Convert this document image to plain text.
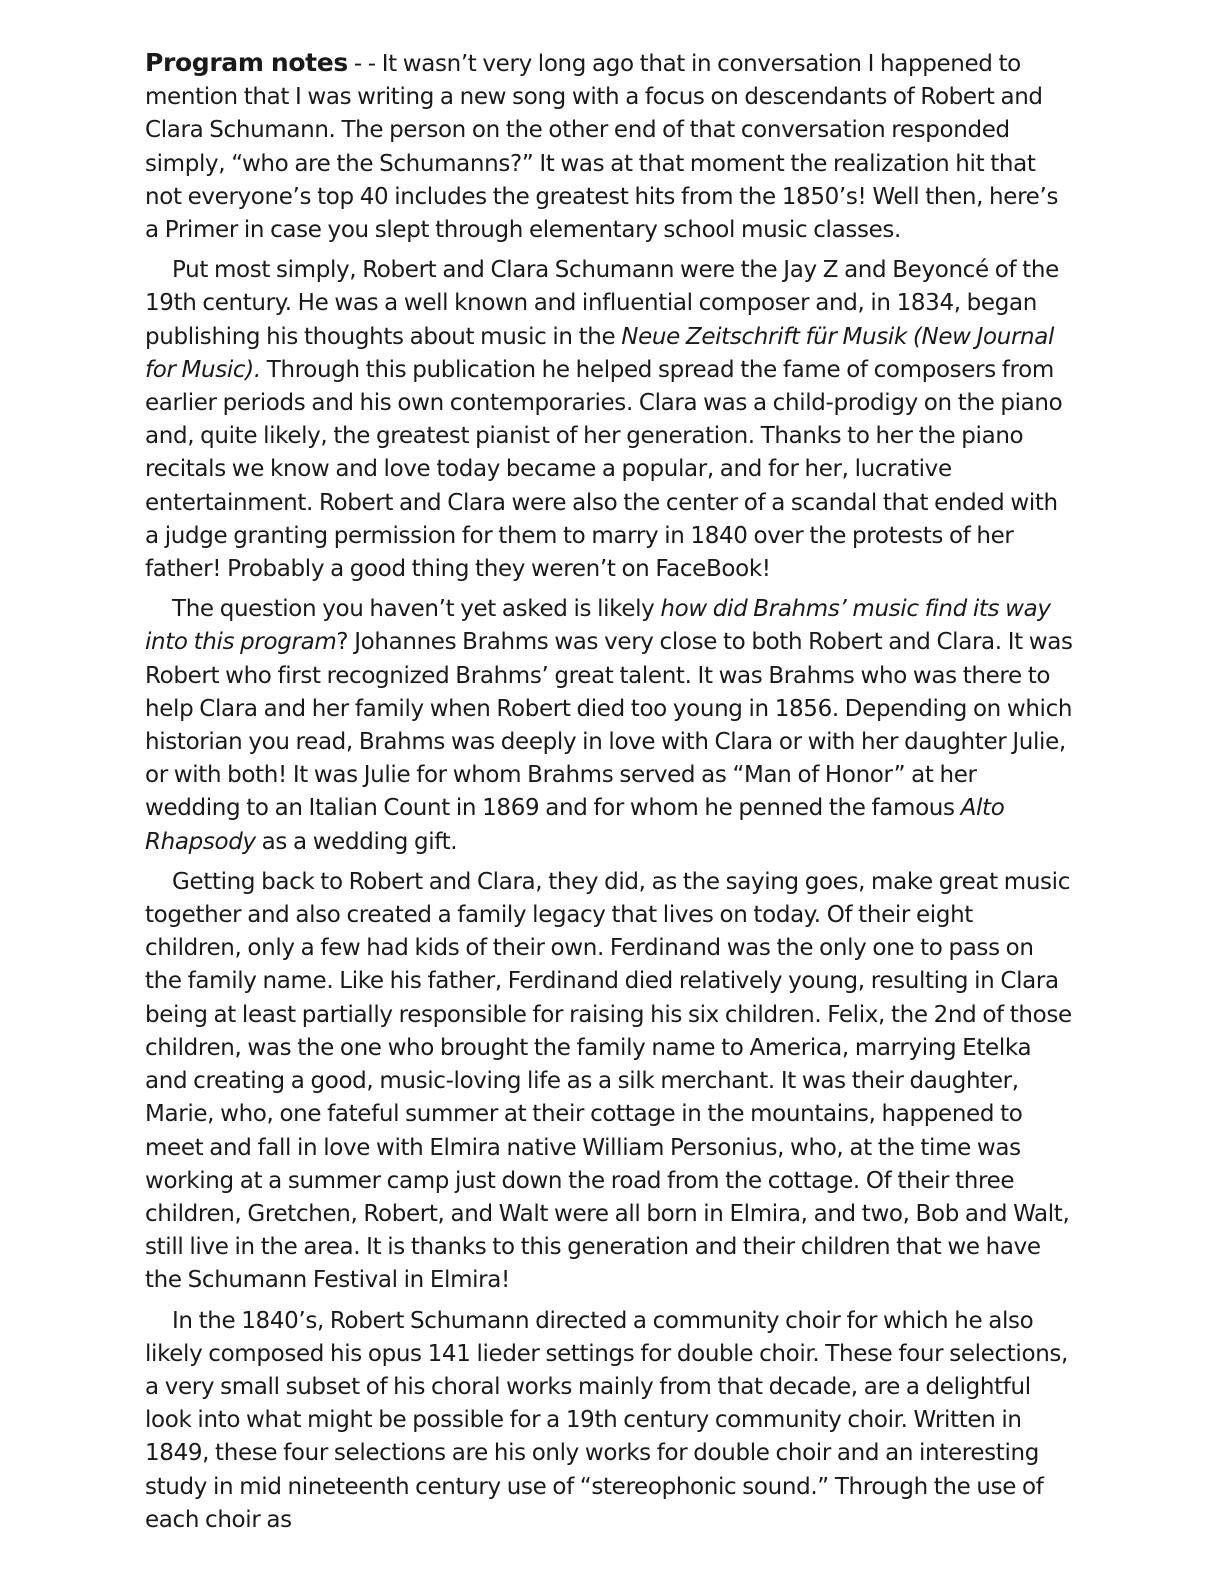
Program notes - - It wasn’t very long ago that in conversation I happened to mention that I was writing a new song with a focus on descendants of Robert and Clara Schumann. The person on the other end of that conversation responded simply, “who are the Schumanns?” It was at that moment the realization hit that not everyone’s top 40 includes the greatest hits from the 1850’s! Well then, here’s a Primer in case you slept through elementary school music classes.

Put most simply, Robert and Clara Schumann were the Jay Z and Beyoncé of the 19th century. He was a well known and influential composer and, in 1834, began publishing his thoughts about music in the Neue Zeitschrift für Musik (New Journal for Music). Through this publication he helped spread the fame of composers from earlier periods and his own contemporaries. Clara was a child-prodigy on the piano and, quite likely, the greatest pianist of her generation. Thanks to her the piano recitals we know and love today became a popular, and for her, lucrative entertainment. Robert and Clara were also the center of a scandal that ended with a judge granting permission for them to marry in 1840 over the protests of her father! Probably a good thing they weren’t on FaceBook!

The question you haven’t yet asked is likely how did Brahms’ music find its way into this program? Johannes Brahms was very close to both Robert and Clara. It was Robert who first recognized Brahms’ great talent. It was Brahms who was there to help Clara and her family when Robert died too young in 1856. Depending on which historian you read, Brahms was deeply in love with Clara or with her daughter Julie, or with both! It was Julie for whom Brahms served as “Man of Honor” at her wedding to an Italian Count in 1869 and for whom he penned the famous Alto Rhapsody as a wedding gift.

Getting back to Robert and Clara, they did, as the saying goes, make great music together and also created a family legacy that lives on today. Of their eight children, only a few had kids of their own. Ferdinand was the only one to pass on the family name. Like his father, Ferdinand died relatively young, resulting in Clara being at least partially responsible for raising his six children. Felix, the 2nd of those children, was the one who brought the family name to America, marrying Etelka and creating a good, music-loving life as a silk merchant. It was their daughter, Marie, who, one fateful summer at their cottage in the mountains, happened to meet and fall in love with Elmira native William Personius, who, at the time was working at a summer camp just down the road from the cottage. Of their three children, Gretchen, Robert, and Walt were all born in Elmira, and two, Bob and Walt, still live in the area. It is thanks to this generation and their children that we have the Schumann Festival in Elmira!

In the 1840’s, Robert Schumann directed a community choir for which he also likely composed his opus 141 lieder settings for double choir. These four selections, a very small subset of his choral works mainly from that decade, are a delightful look into what might be possible for a 19th century community choir. Written in 1849, these four selections are his only works for double choir and an interesting study in mid nineteenth century use of “stereophonic sound.” Through the use of each choir as
